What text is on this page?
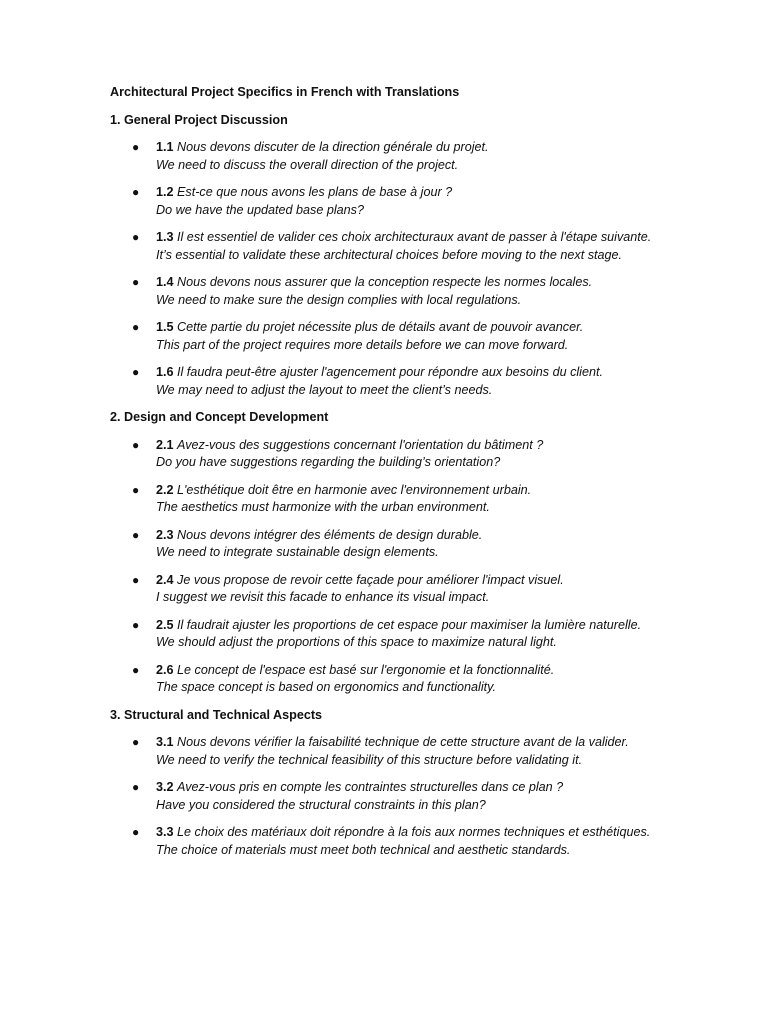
Architectural Project Specifics in French with Translations
1. General Project Discussion
● 1.1 Nous devons discuter de la direction générale du projet.
We need to discuss the overall direction of the project.
● 1.2 Est-ce que nous avons les plans de base à jour ?
Do we have the updated base plans?
● 1.3 Il est essentiel de valider ces choix architecturaux avant de passer à l'étape suivante.
It’s essential to validate these architectural choices before moving to the next stage.
● 1.4 Nous devons nous assurer que la conception respecte les normes locales.
We need to make sure the design complies with local regulations.
● 1.5 Cette partie du projet nécessite plus de détails avant de pouvoir avancer.
This part of the project requires more details before we can move forward.
● 1.6 Il faudra peut-être ajuster l'agencement pour répondre aux besoins du client.
We may need to adjust the layout to meet the client’s needs.
2. Design and Concept Development
● 2.1 Avez-vous des suggestions concernant l'orientation du bâtiment ?
Do you have suggestions regarding the building’s orientation?
● 2.2 L'esthétique doit être en harmonie avec l'environnement urbain.
The aesthetics must harmonize with the urban environment.
● 2.3 Nous devons intégrer des éléments de design durable.
We need to integrate sustainable design elements.
● 2.4 Je vous propose de revoir cette façade pour améliorer l'impact visuel.
I suggest we revisit this facade to enhance its visual impact.
● 2.5 Il faudrait ajuster les proportions de cet espace pour maximiser la lumière naturelle.
We should adjust the proportions of this space to maximize natural light.
● 2.6 Le concept de l'espace est basé sur l'ergonomie et la fonctionnalité.
The space concept is based on ergonomics and functionality.
3. Structural and Technical Aspects
● 3.1 Nous devons vérifier la faisabilité technique de cette structure avant de la valider.
We need to verify the technical feasibility of this structure before validating it.
● 3.2 Avez-vous pris en compte les contraintes structurelles dans ce plan ?
Have you considered the structural constraints in this plan?
● 3.3 Le choix des matériaux doit répondre à la fois aux normes techniques et esthétiques.
The choice of materials must meet both technical and aesthetic standards.
